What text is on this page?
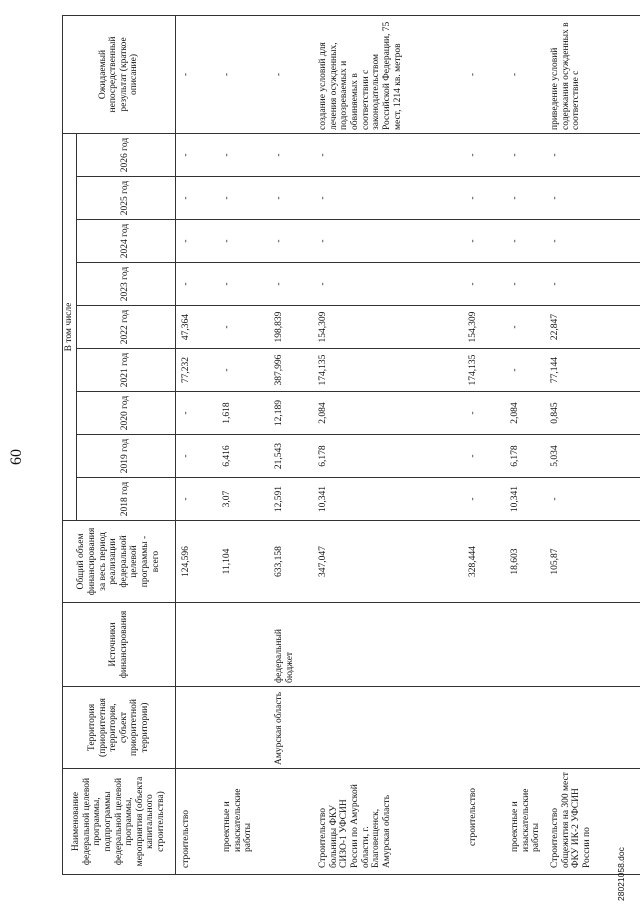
60
Наименование федеральной целевой программы, подпрограммы федеральной целевой программы, мероприятия (объекта капитального строительства)	Территория (приоритетная территория, субъект приоритетной территории)	Источники финансирования	Общий объем финансирования за весь период реализации федеральной целевой программы - всего	В том числе									Ожидаемый непосредственный результат (краткое описание)
				2018 год	2019 год	2020 год	2021 год	2022 год	2023 год	2024 год	2025 год	2026 год	
строительство			124,596	-	-	-	77,232	47,364	-	-	-	-	-
проектные и изыскательские работы			11,104	3,07	6,416	1,618	-	-	-	-	-	-	-
	Амурская область	федеральный бюджет	633,158	12,591	21,543	12,189	387,996	198,839	-	-	-	-	-
Строительство больницы ФКУ СИЗО-1 УФСИН России по Амурской области, г. Благовещенск, Амурская область			347,047	10,341	6,178	2,084	174,135	154,309	-	-	-	-	создание условий для лечения осужденных, подозреваемых и обвиняемых в соответствии с законодательством Российской Федерации, 75 мест, 1214 кв. метров
строительство			328,444	-	-	-	174,135	154,309	-	-	-	-	-
проектные и изыскательские работы			18,603	10,341	6,178	2,084	-	-	-	-	-	-	-
Строительство общежития на 300 мест ФКУ ИК-2 УФСИН России по			105,87	-	5,034	0,845	77,144	22,847	-	-	-	-	приведение условий содержания осужденных в соответствие с
28021058.doc
